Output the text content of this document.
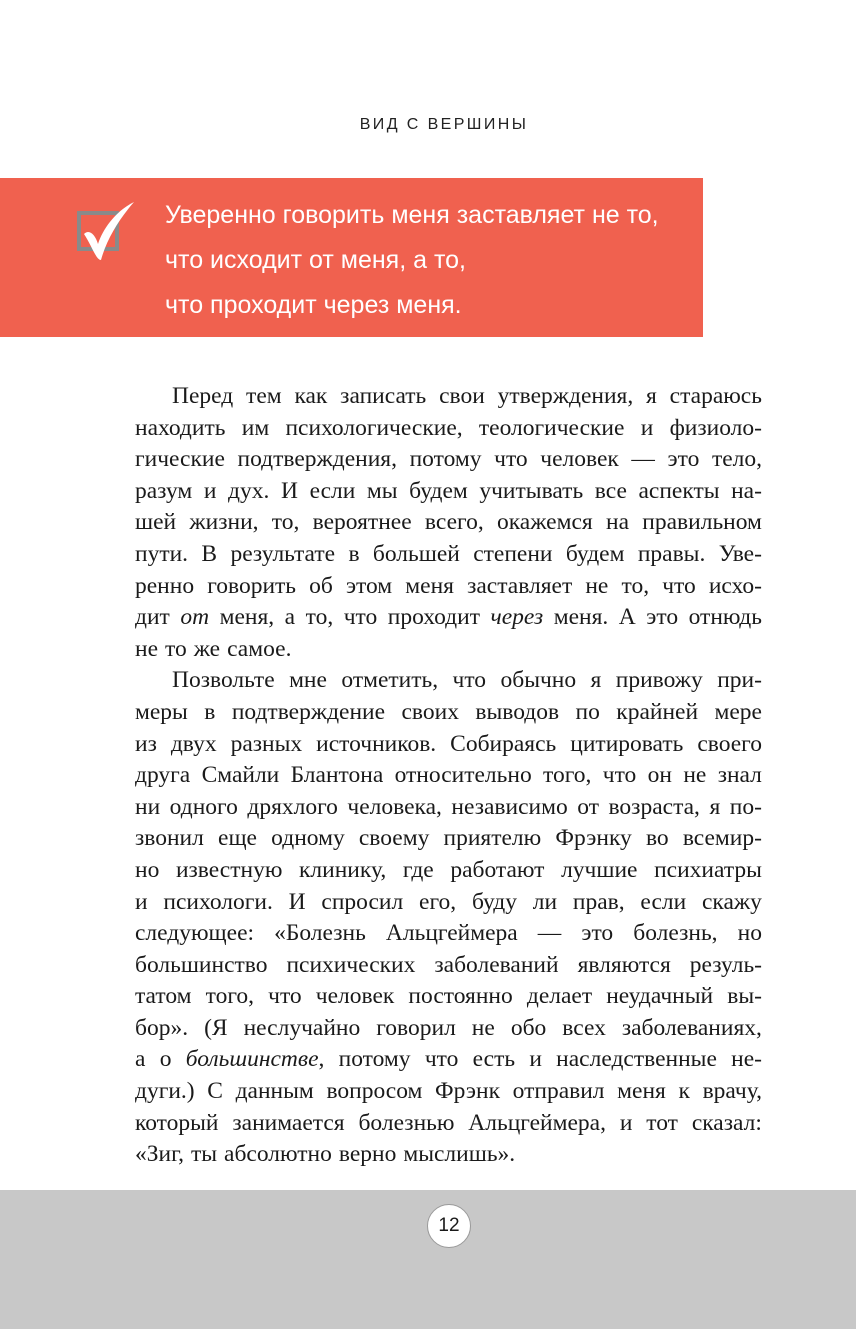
ВИД С ВЕРШИНЫ
Уверенно говорить меня заставляет не то,
что исходит от меня, а то,
что проходит через меня.
Перед тем как записать свои утверждения, я стараюсь
находить им психологические, теологические и физиоло-
гические подтверждения, потому что человек — это тело,
разум и дух. И если мы будем учитывать все аспекты на-
шей жизни, то, вероятнее всего, окажемся на правильном
пути. В результате в большей степени будем правы. Уве-
ренно говорить об этом меня заставляет не то, что исхо-
дит от меня, а то, что проходит через меня. А это отнюдь
не то же самое.
Позвольте мне отметить, что обычно я привожу при-
меры в подтверждение своих выводов по крайней мере
из двух разных источников. Собираясь цитировать своего
друга Смайли Блантона относительно того, что он не знал
ни одного дряхлого человека, независимо от возраста, я по-
звонил еще одному своему приятелю Фрэнку во всемир-
но известную клинику, где работают лучшие психиатры
и психологи. И спросил его, буду ли прав, если скажу
следующее: «Болезнь Альцгеймера — это болезнь, но
большинство психических заболеваний являются резуль-
татом того, что человек постоянно делает неудачный вы-
бор». (Я неслучайно говорил не обо всех заболеваниях,
а о большинстве, потому что есть и наследственные не-
дуги.) С данным вопросом Фрэнк отправил меня к врачу,
который занимается болезнью Альцгеймера, и тот сказал:
«Зиг, ты абсолютно верно мыслишь».
12
